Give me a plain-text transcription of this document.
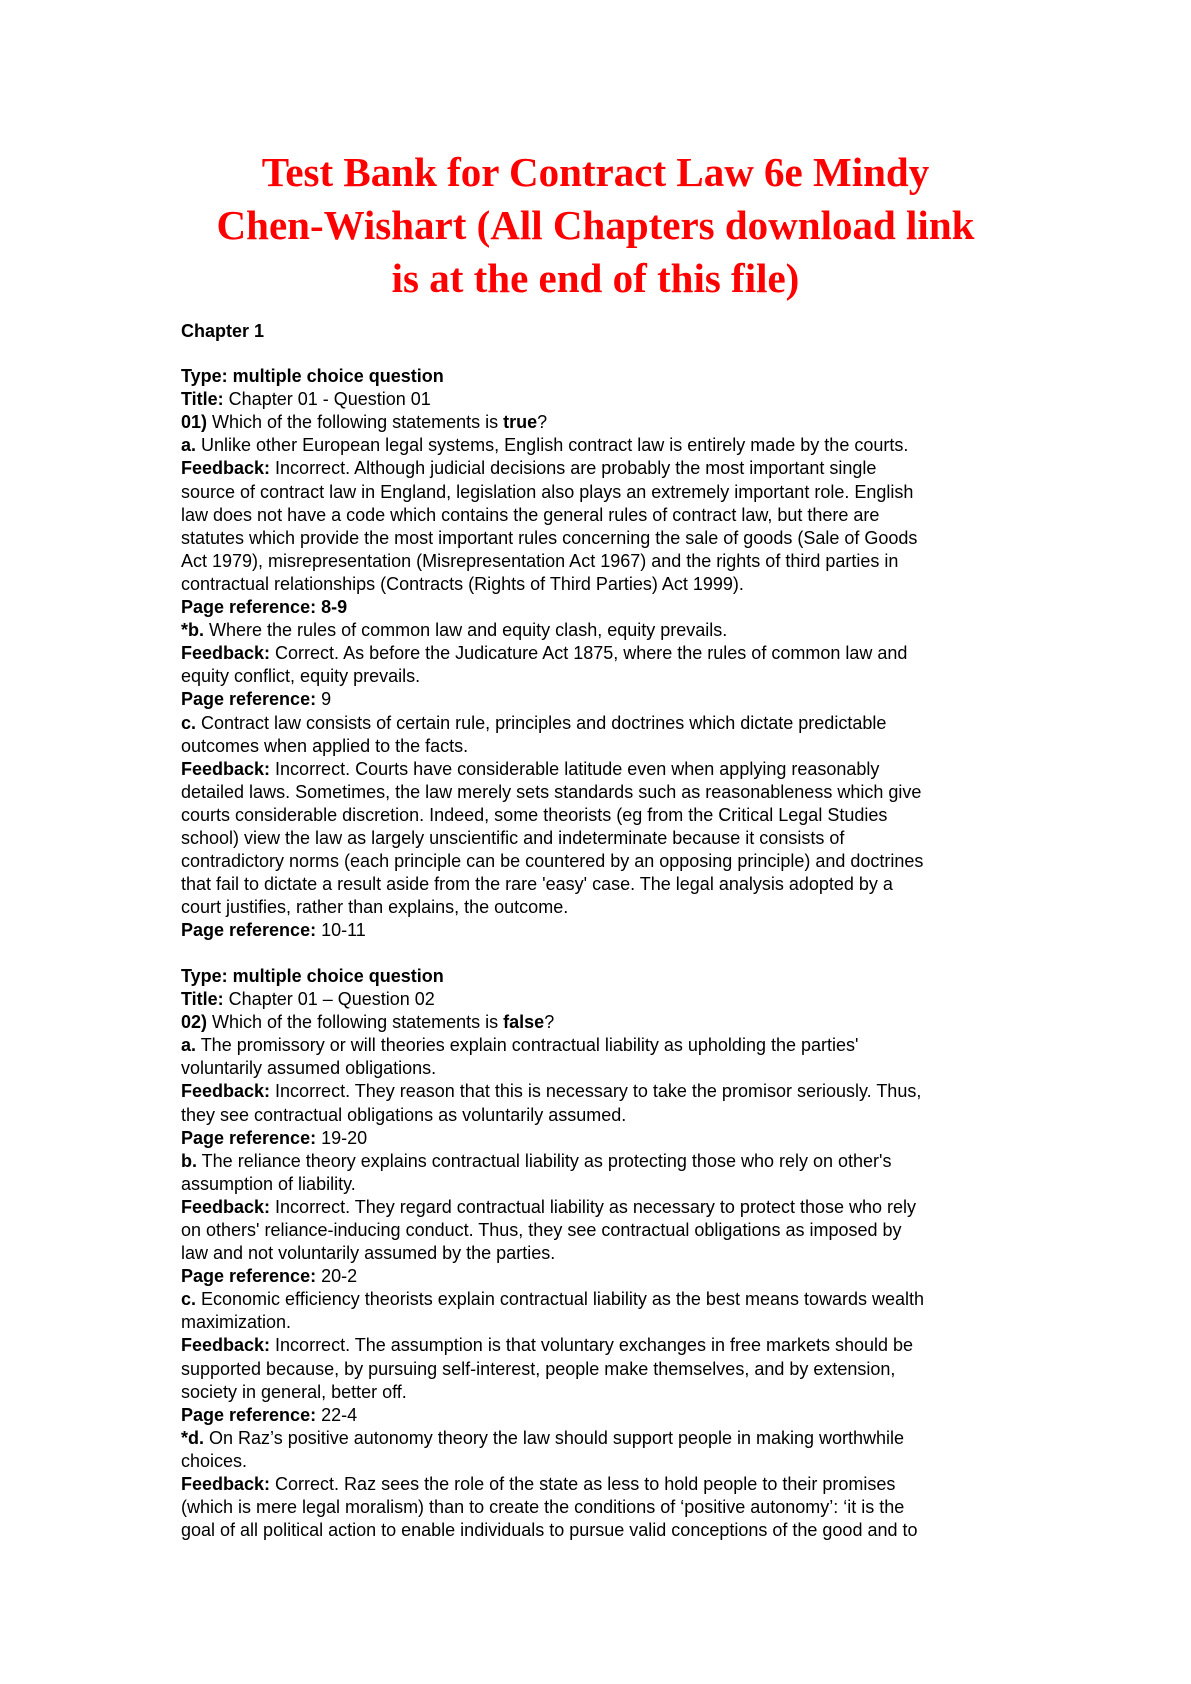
Test Bank for Contract Law 6e Mindy
Chen-Wishart (All Chapters download link
is at the end of this file)
Chapter 1
Type: multiple choice question
Title: Chapter 01 - Question 01
01) Which of the following statements is true?
a. Unlike other European legal systems, English contract law is entirely made by the courts.
Feedback: Incorrect. Although judicial decisions are probably the most important single
source of contract law in England, legislation also plays an extremely important role. English
law does not have a code which contains the general rules of contract law, but there are
statutes which provide the most important rules concerning the sale of goods (Sale of Goods
Act 1979), misrepresentation (Misrepresentation Act 1967) and the rights of third parties in
contractual relationships (Contracts (Rights of Third Parties) Act 1999).
Page reference: 8-9
*b. Where the rules of common law and equity clash, equity prevails.
Feedback: Correct. As before the Judicature Act 1875, where the rules of common law and
equity conflict, equity prevails.
Page reference: 9
c. Contract law consists of certain rule, principles and doctrines which dictate predictable
outcomes when applied to the facts.
Feedback: Incorrect. Courts have considerable latitude even when applying reasonably
detailed laws. Sometimes, the law merely sets standards such as reasonableness which give
courts considerable discretion. Indeed, some theorists (eg from the Critical Legal Studies
school) view the law as largely unscientific and indeterminate because it consists of
contradictory norms (each principle can be countered by an opposing principle) and doctrines
that fail to dictate a result aside from the rare 'easy' case. The legal analysis adopted by a
court justifies, rather than explains, the outcome.
Page reference: 10-11
Type: multiple choice question
Title: Chapter 01 – Question 02
02) Which of the following statements is false?
a. The promissory or will theories explain contractual liability as upholding the parties'
voluntarily assumed obligations.
Feedback: Incorrect. They reason that this is necessary to take the promisor seriously. Thus,
they see contractual obligations as voluntarily assumed.
Page reference: 19-20
b. The reliance theory explains contractual liability as protecting those who rely on other's
assumption of liability.
Feedback: Incorrect. They regard contractual liability as necessary to protect those who rely
on others' reliance-inducing conduct. Thus, they see contractual obligations as imposed by
law and not voluntarily assumed by the parties.
Page reference: 20-2
c. Economic efficiency theorists explain contractual liability as the best means towards wealth
maximization.
Feedback: Incorrect. The assumption is that voluntary exchanges in free markets should be
supported because, by pursuing self-interest, people make themselves, and by extension,
society in general, better off.
Page reference: 22-4
*d. On Raz’s positive autonomy theory the law should support people in making worthwhile
choices.
Feedback: Correct. Raz sees the role of the state as less to hold people to their promises
(which is mere legal moralism) than to create the conditions of ‘positive autonomy’: ‘it is the
goal of all political action to enable individuals to pursue valid conceptions of the good and to
